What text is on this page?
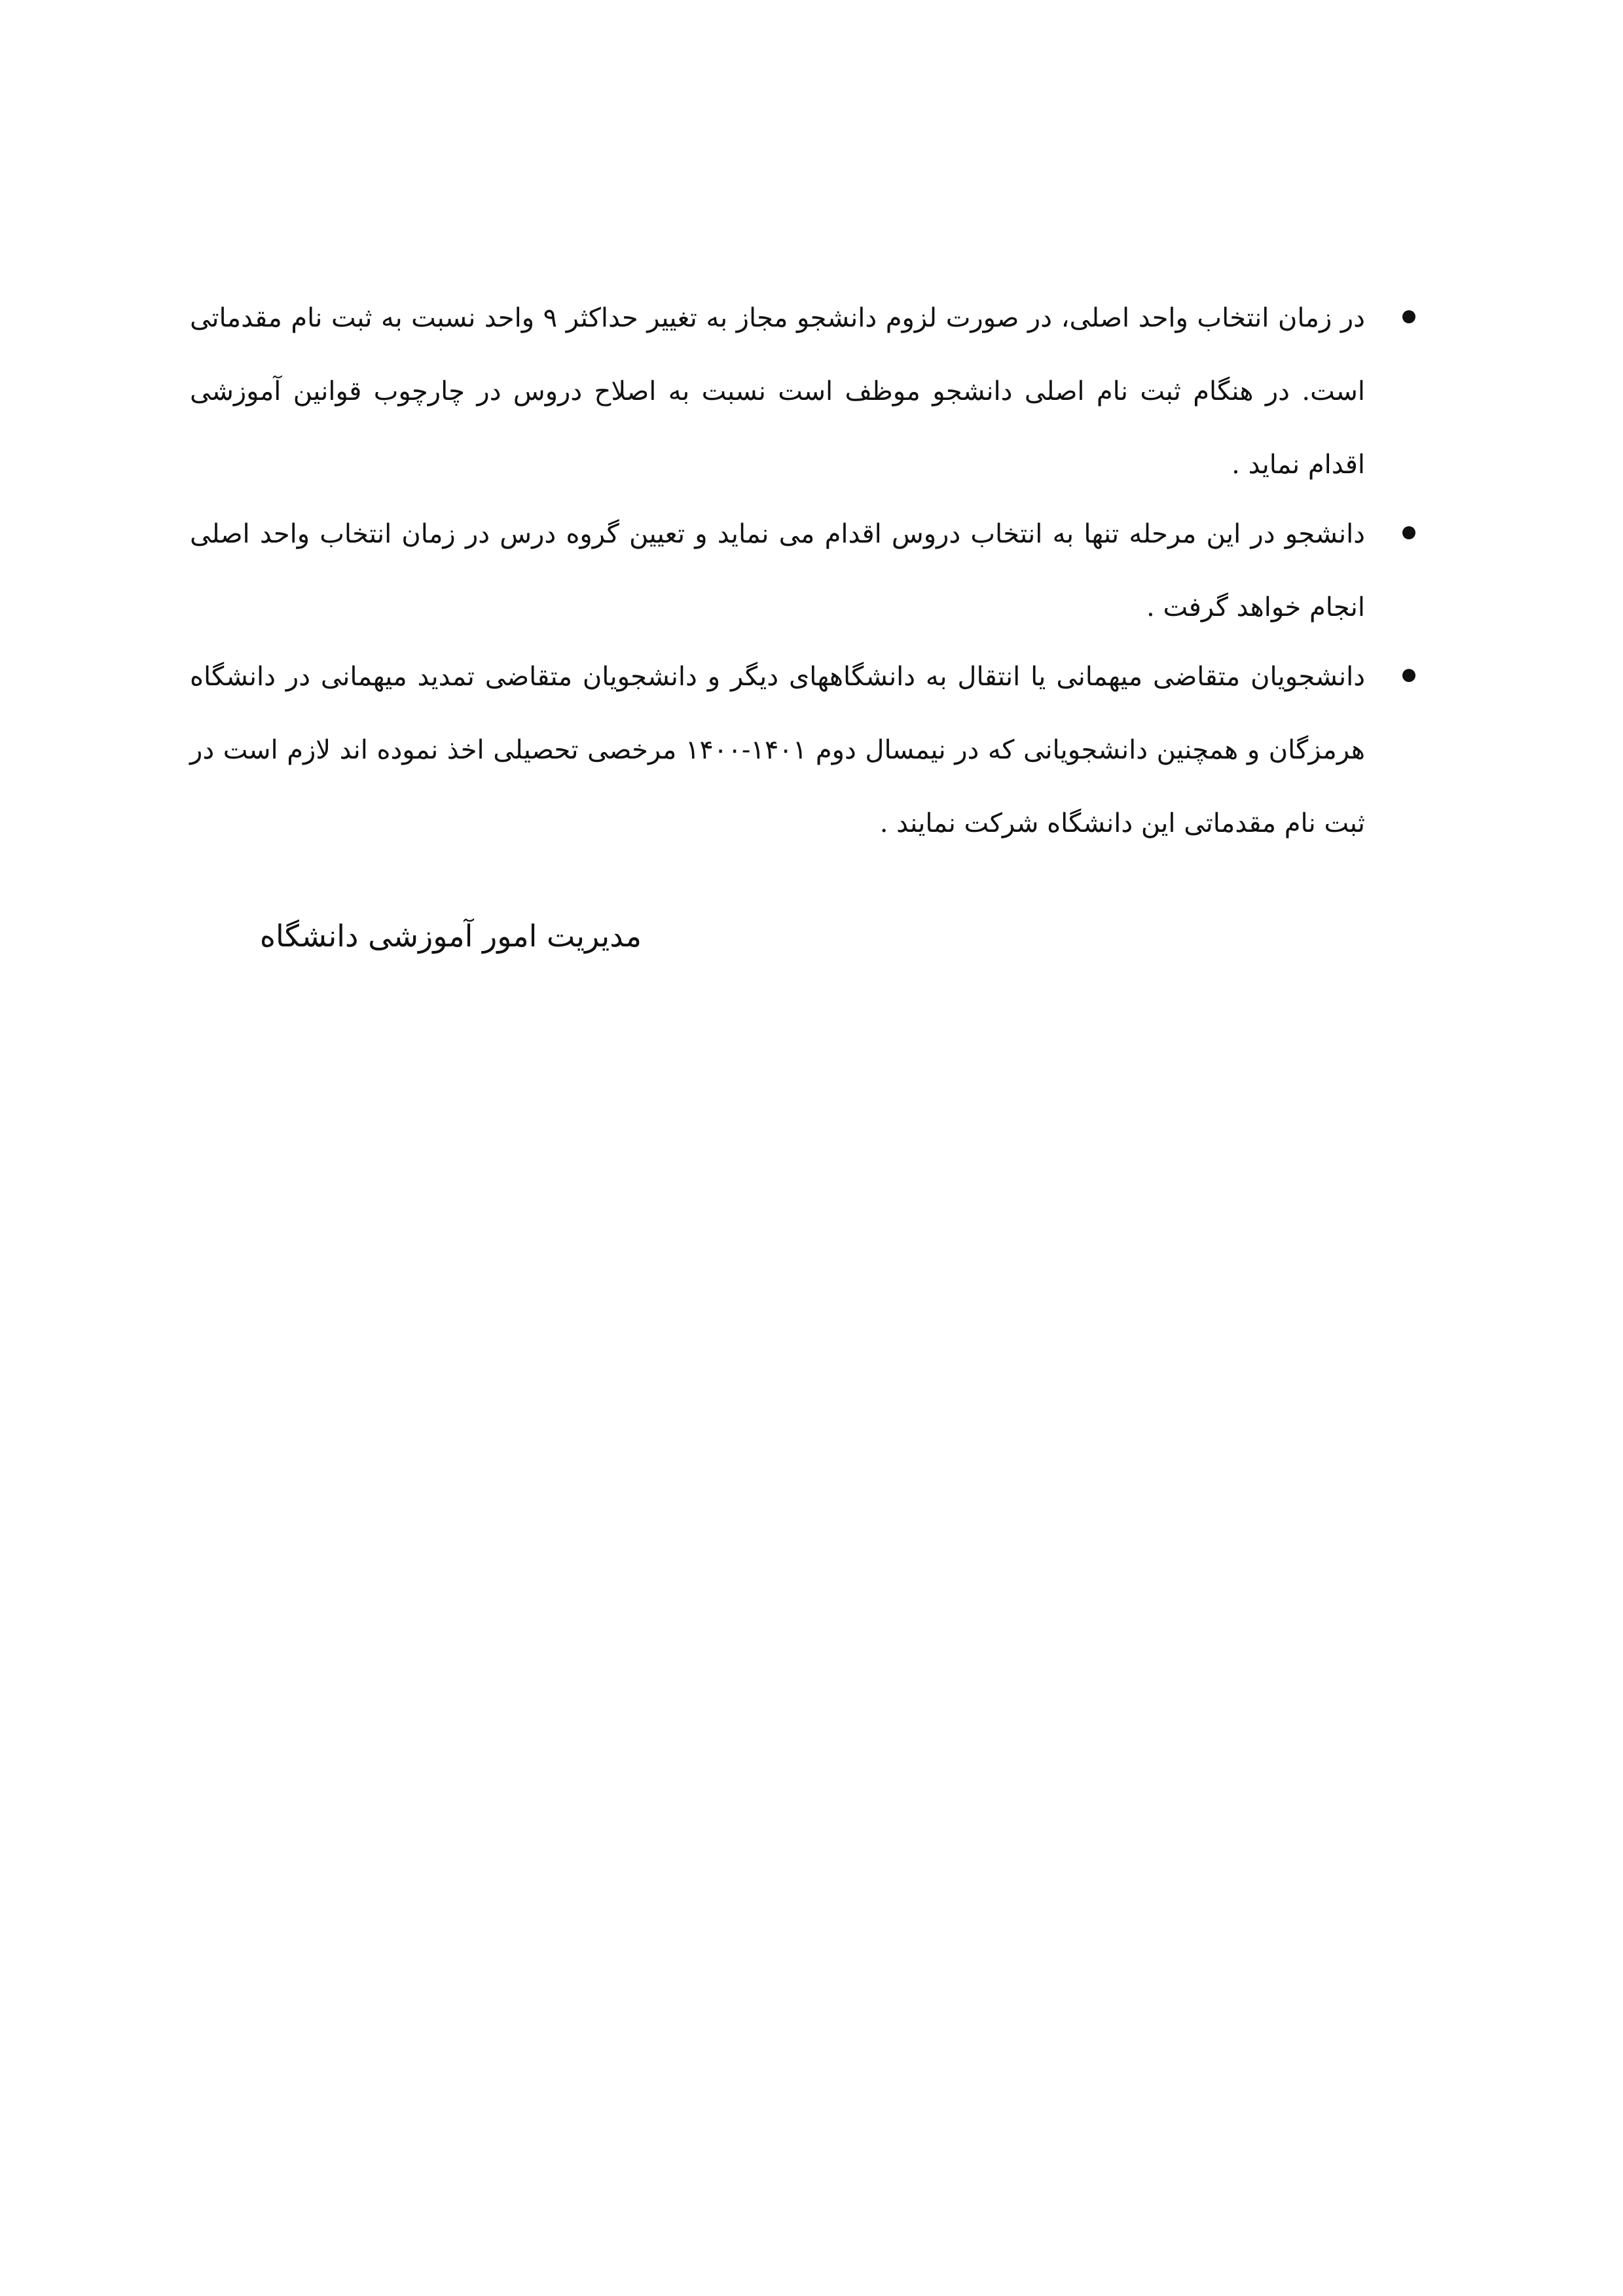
در زمان انتخاب واحد اصلی، در صورت لزوم دانشجو مجاز به تغییر حداکثر ۹ واحد نسبت به ثبت نام مقدماتی است. در هنگام ثبت نام اصلی دانشجو موظف است نسبت به اصلاح دروس در چارچوب قوانین آموزشی اقدام نماید .
دانشجو در این مرحله تنها به انتخاب دروس اقدام می نماید و تعیین گروه درس در زمان انتخاب واحد اصلی انجام خواهد گرفت .
دانشجویان متقاضی میهمانی یا انتقال به دانشگاههای دیگر و دانشجویان متقاضی تمدید میهمانی در دانشگاه هرمزگان و همچنین دانشجویانی که در نیمسال دوم ۱۴۰۱-۱۴۰۰ مرخصی تحصیلی اخذ نموده اند لازم است در ثبت نام مقدماتی این دانشگاه شرکت نمایند .
مدیریت امور آموزشی دانشگاه
